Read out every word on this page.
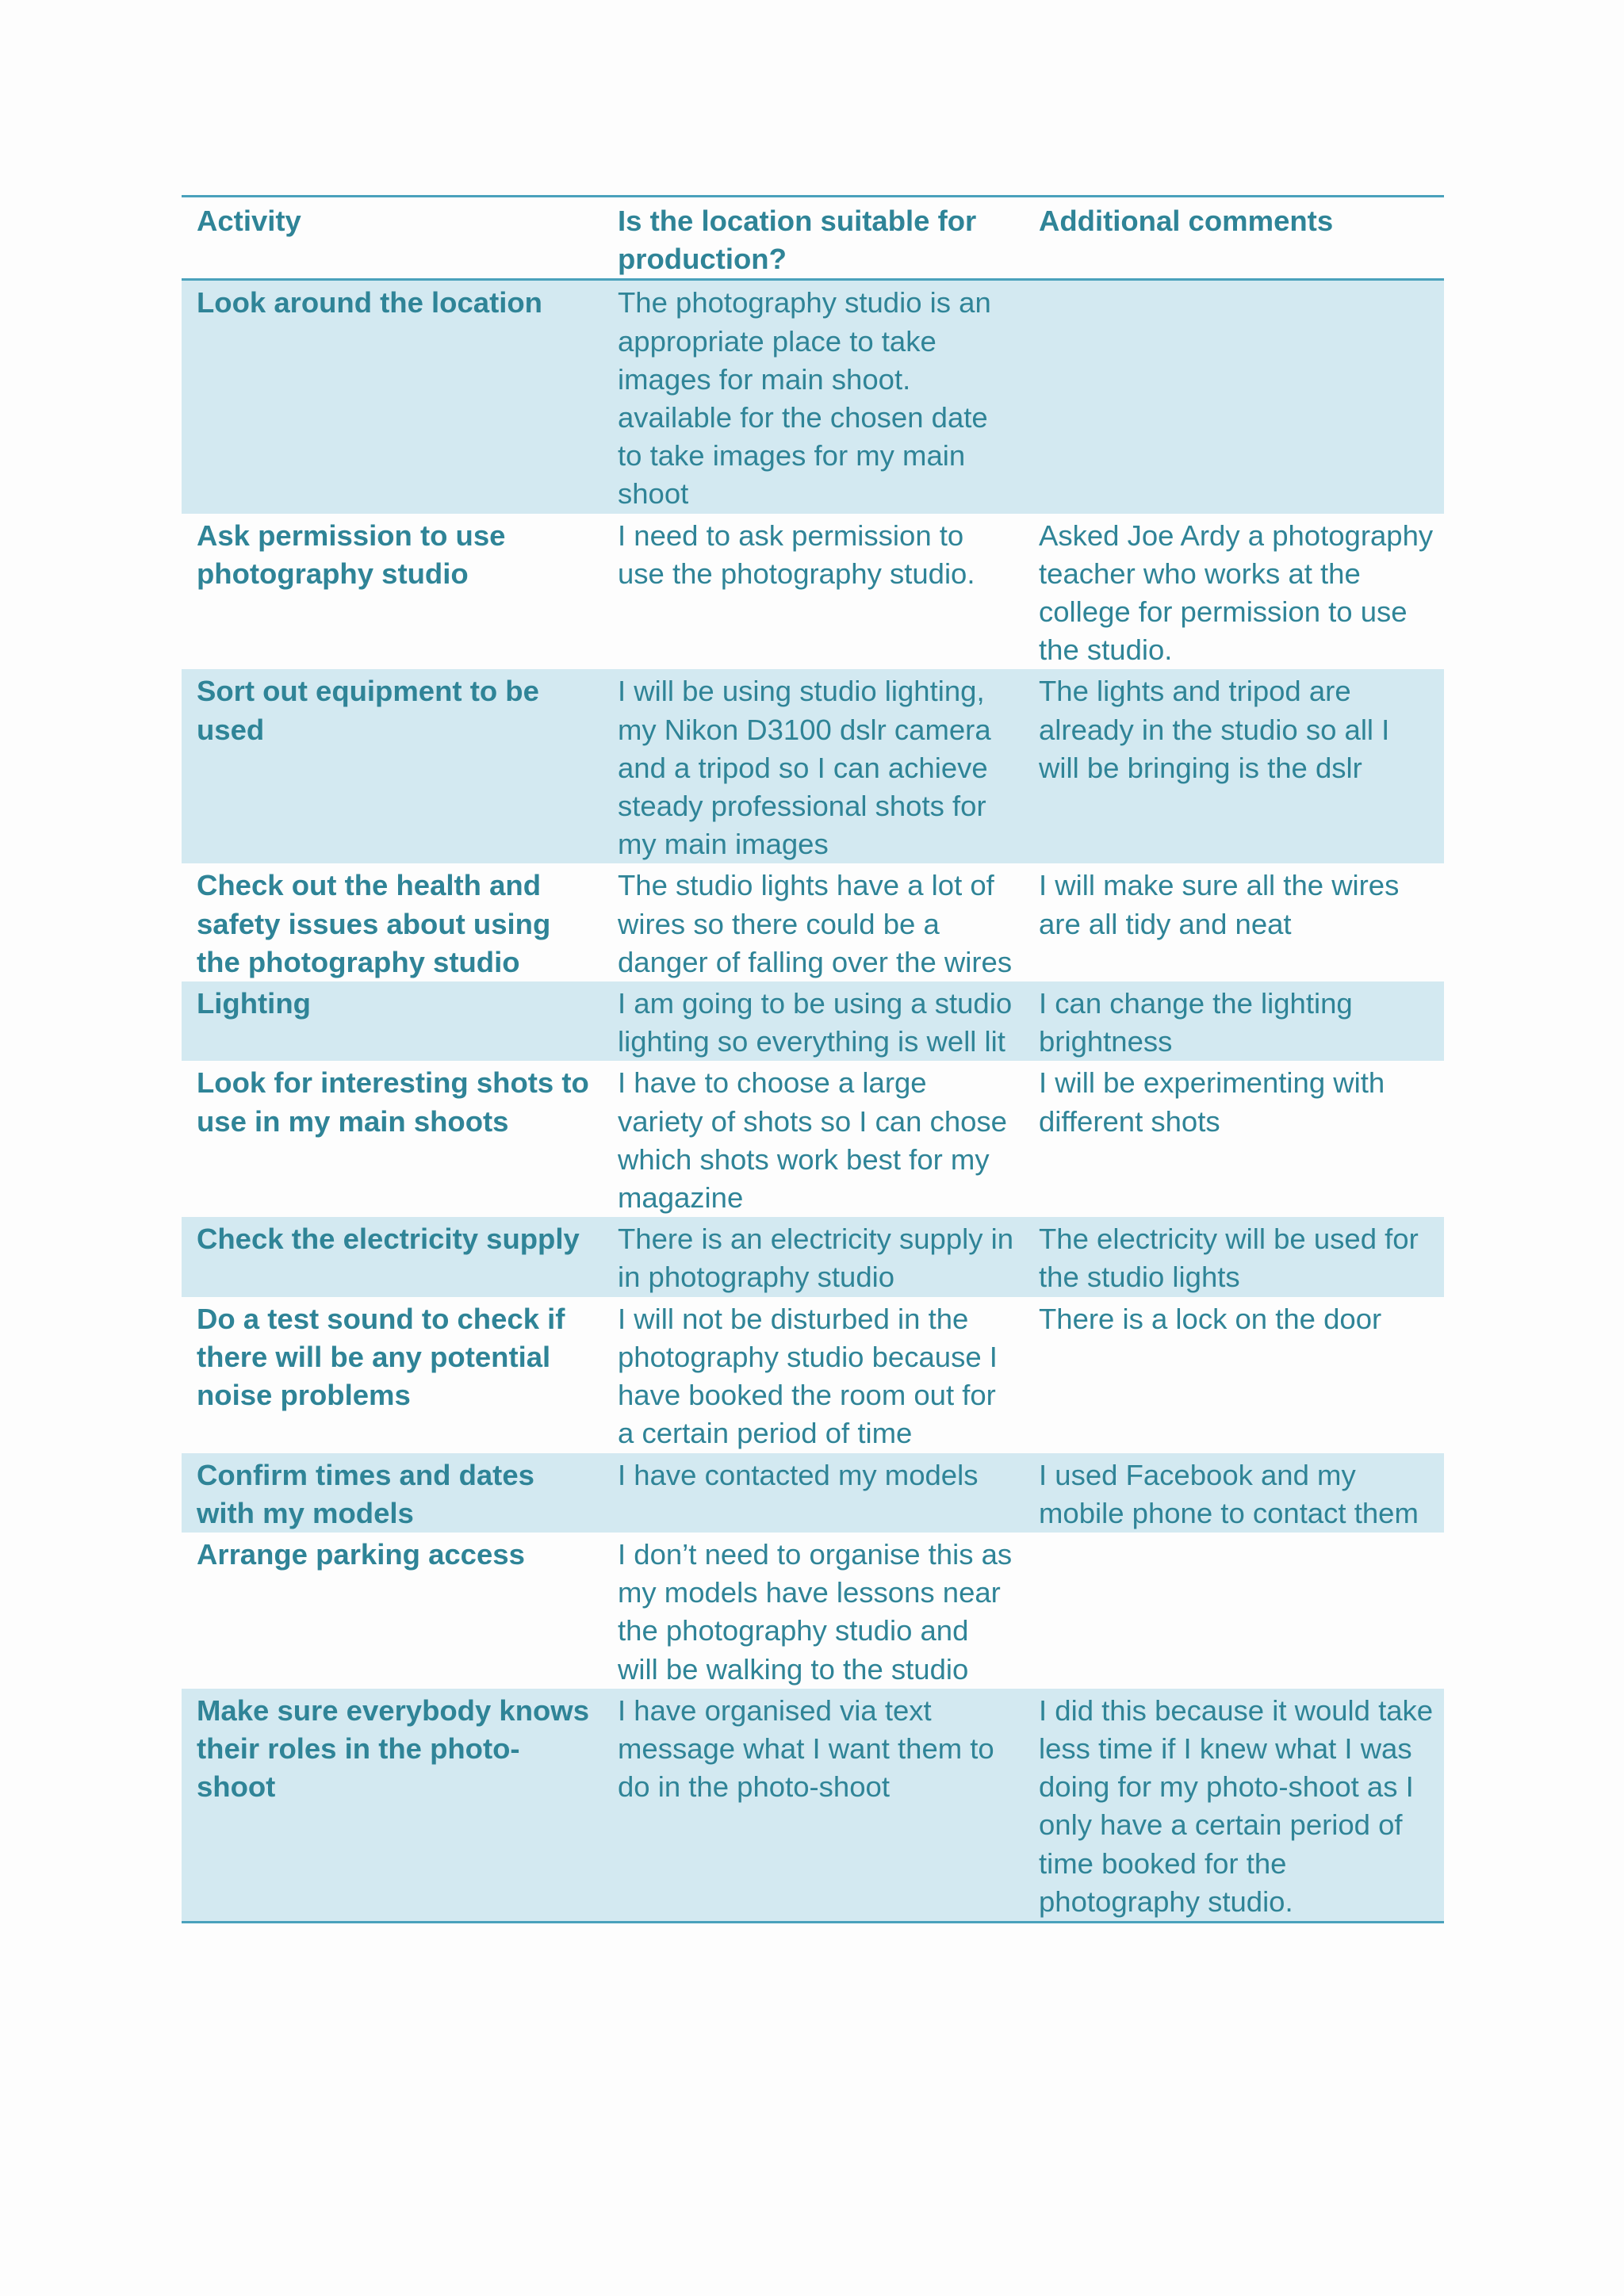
Activity	Is the location suitable for production?	Additional comments
Look around the location	The photography studio is an appropriate place to take images for main shoot. available for the chosen date to take images for my main shoot	
Ask permission to use photography studio	I need to ask permission to use the photography studio.	Asked Joe Ardy a photography teacher who works at the college for permission to use the studio.
Sort out equipment to be used	I will be using studio lighting, my Nikon D3100 dslr camera and a tripod so I can achieve steady professional shots for my main images	The lights and tripod are already in the studio so all I will be bringing is the dslr
Check out the health and safety issues about using the photography studio	The studio lights have a lot of wires so there could be a danger of falling over the wires	I will make sure all the wires are all tidy and neat
Lighting	I am going to be using a studio lighting so everything is well lit	I can change the lighting brightness
Look for interesting shots to use in my main shoots	I have to choose a large variety of shots so I can chose which shots work best for my magazine	I will be experimenting with different shots
Check the electricity supply	There is an electricity supply in in photography studio	The electricity will be used for the studio lights
Do a test sound to check if there will be any potential noise problems	I will not be disturbed in the photography studio because I have booked the room out for a certain period of time	There is a lock on the door
Confirm times and dates with my models	I have contacted my models	I used Facebook and my mobile phone to contact them
Arrange parking access	I don’t need to organise this as my models have lessons near the photography studio and will be walking to the studio	
Make sure everybody knows their roles in the photo-shoot	I have organised via text message what I want them to do in the photo-shoot	I did this because it would take less time if I knew what I was doing for my photo-shoot as I only have a certain period of time booked for the photography studio.
